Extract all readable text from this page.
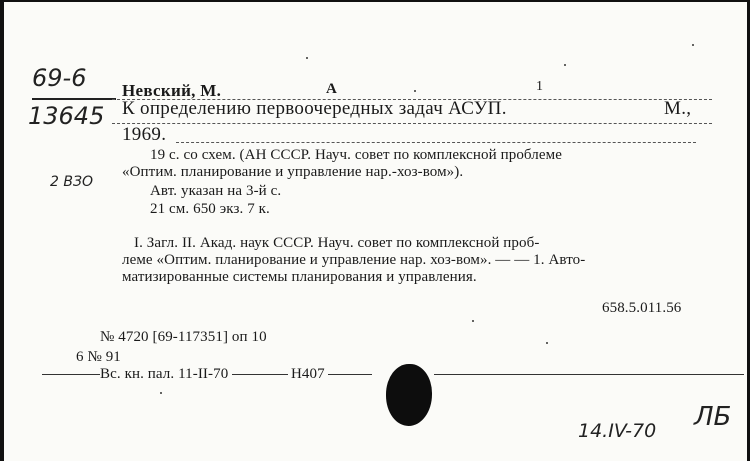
69-6
13645
2 ВЗО
Невский, М.	А	1
К определению первоочередных задач АСУП.	М.,
1969.
19 с. со схем. (АН СССР. Науч. совет по комплексной проблеме
«Оптим. планирование и управление нар.-хоз-вом»).
Авт. указан на 3-й с.
21 см. 650 экз. 7 к.
I. Загл. II. Акад. наук СССР. Науч. совет по комплексной проб-
леме «Оптим. планирование и управление нар. хоз-вом». — — 1. Авто-
матизированные системы планирования и управления.
658.5.011.56
№ 4720 [69-117351] оп 10
6 № 91
Вс. кн. пал. 11-II-70	Н407
14.IV-70 ЛБ
